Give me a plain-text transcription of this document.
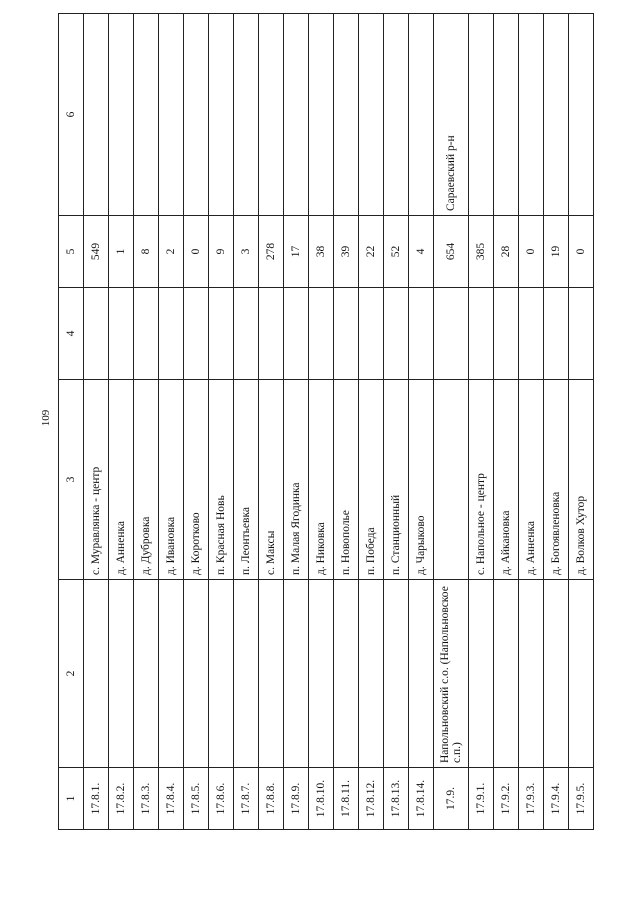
109
1	2	3	4	5	6
17.8.1.		с. Муравлянка - центр		549	
17.8.2.		д. Анненка		1	
17.8.3.		д. Дубровка		8	
17.8.4.		д. Ивановка		2	
17.8.5.		д. Коротково		0	
17.8.6.		п. Красная Новь		9	
17.8.7.		п. Леонтьевка		3	
17.8.8.		с. Максы		278	
17.8.9.		п. Малая Ягодинка		17	
17.8.10.		д. Никовка		38	
17.8.11.		п. Новополье		39	
17.8.12.		п. Победа		22	
17.8.13.		п. Станционный		52	
17.8.14.		д. Чарыково		4	
17.9.	Напольновский с.о. (Напольновское с.п.)			654	Сараевский р-н
17.9.1.		с. Напольное - центр		385	
17.9.2.		д. Айкановка		28	
17.9.3.		д. Анненка		0	
17.9.4.		д. Богоявленовка		19	
17.9.5.		д. Волков Хутор		0	
